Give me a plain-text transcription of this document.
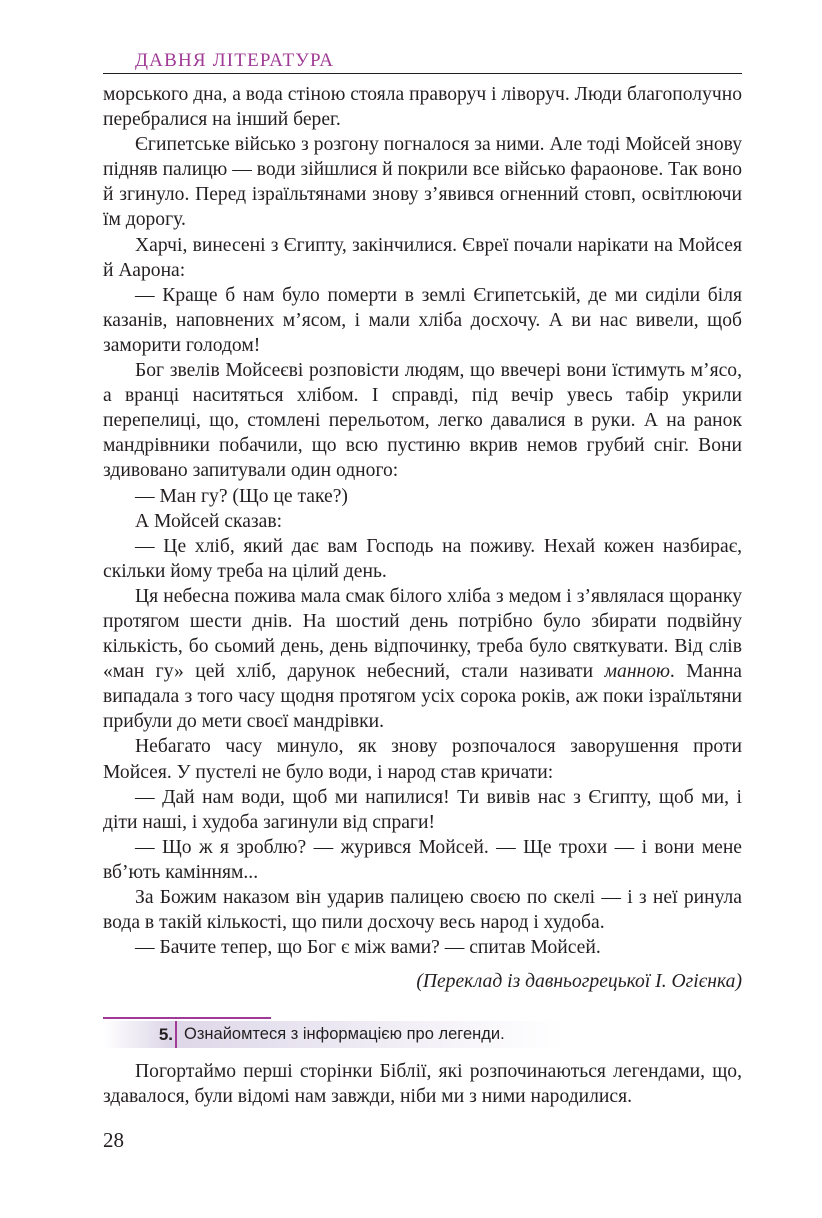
ДАВНЯ ЛІТЕРАТУРА

морського дна, а вода стіною стояла праворуч і ліворуч. Люди благополучно перебралися на інший берег.

Єгипетське військо з розгону погналося за ними. Але тоді Мойсей знову підняв палицю — води зійшлися й покрили все військо фараонове. Так воно й згинуло. Перед ізраїльтянами знову з’явився огненний стовп, освітлюючи їм дорогу.

Харчі, винесені з Єгипту, закінчилися. Євреї почали нарікати на Мойсея й Аарона:

— Краще б нам було померти в землі Єгипетській, де ми сиділи біля казанів, наповнених м’ясом, і мали хліба досхочу. А ви нас вивели, щоб заморити голодом!

Бог звелів Мойсеєві розповісти людям, що ввечері вони їстимуть м’ясо, а вранці наситяться хлібом. І справді, під вечір увесь табір укрили перепелиці, що, стомлені перельотом, легко давалися в руки. А на ранок мандрівники побачили, що всю пустиню вкрив немов грубий сніг. Вони здивовано запитували один одного:

— Ман гу? (Що це таке?)

А Мойсей сказав:

— Це хліб, який дає вам Господь на поживу. Нехай кожен назбирає, скільки йому треба на цілий день.

Ця небесна пожива мала смак білого хліба з медом і з’являлася щоранку протягом шести днів. На шостий день потрібно було збирати подвійну кількість, бо сьомий день, день відпочинку, треба було святкувати. Від слів «ман гу» цей хліб, дарунок небесний, стали називати манною. Манна випадала з того часу щодня протягом усіх сорока років, аж поки ізраїльтяни прибули до мети своєї мандрівки.

Небагато часу минуло, як знову розпочалося заворушення проти Мойсея. У пустелі не було води, і народ став кричати:

— Дай нам води, щоб ми напилися! Ти вивів нас з Єгипту, щоб ми, і діти наші, і худоба загинули від спраги!

— Що ж я зроблю? — журився Мойсей. — Ще трохи — і вони мене вб’ють камінням...

За Божим наказом він ударив палицею своєю по скелі — і з неї ринула вода в такій кількості, що пили досхочу весь народ і худоба.

— Бачите тепер, що Бог є між вами? — спитав Мойсей.

(Переклад із давньогрецької І. Огієнка)
5. Ознайомтеся з інформацією про легенди.

Погортаймо перші сторінки Біблії, які розпочинаються легендами, що, здавалося, були відомі нам завжди, ніби ми з ними народилися.

28
